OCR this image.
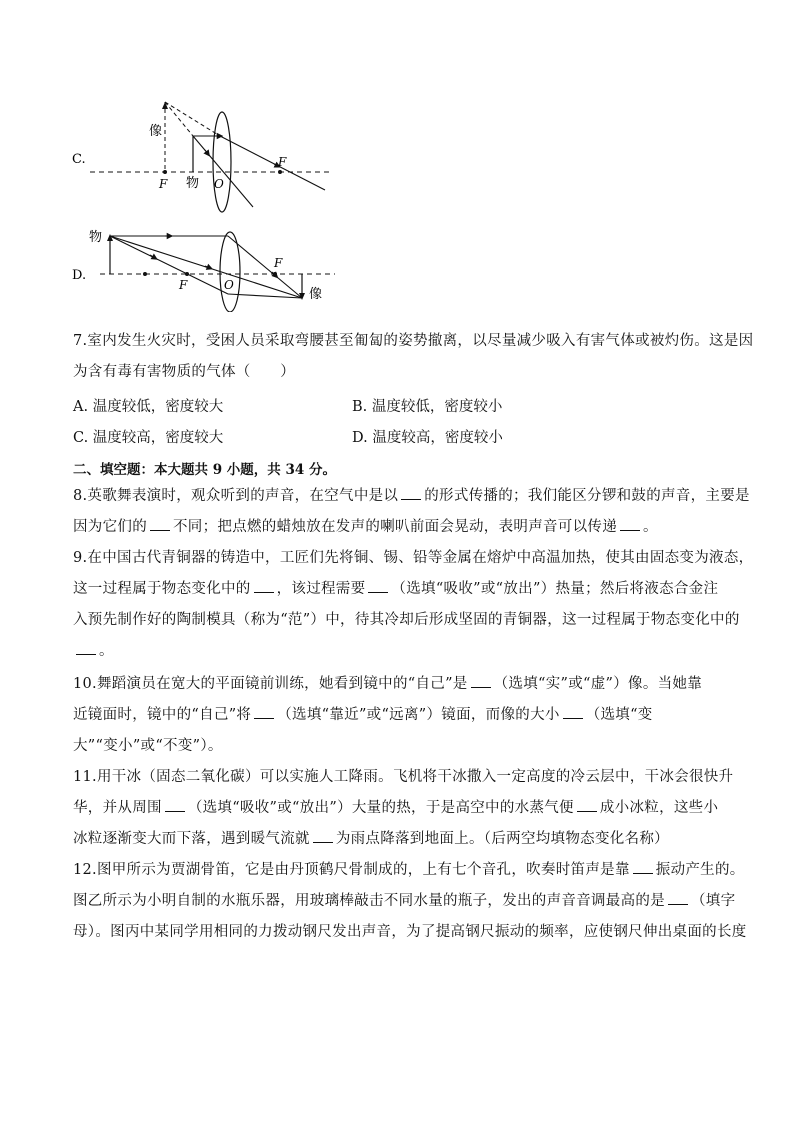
C.
像
F 物 O
F
D.
物
F	O
F
像
7.室内发生火灾时，受困人员采取弯腰甚至匍匐的姿势撤离，以尽量减少吸入有害气体或被灼伤。这是因
为含有毒有害物质的气体（　　）
A. 温度较低，密度较大	B. 温度较低，密度较小
C. 温度较高，密度较大	D. 温度较高，密度较小
二、填空题：本大题共 9 小题，共 34 分。
8.英歌舞表演时，观众听到的声音，在空气中是以 的形式传播的；我们能区分锣和鼓的声音，主要是
因为它们的 不同；把点燃的蜡烛放在发声的喇叭前面会晃动，表明声音可以传递 。
9.在中国古代青铜器的铸造中，工匠们先将铜、锡、铅等金属在熔炉中高温加热，使其由固态变为液态，
这一过程属于物态变化中的 ，该过程需要 （选填“吸收”或“放出”）热量；然后将液态合金注
入预先制作好的陶制模具（称为“范”）中，待其冷却后形成坚固的青铜器，这一过程属于物态变化中的
。
10.舞蹈演员在宽大的平面镜前训练，她看到镜中的“自己”是 （选填“实”或“虚”）像。当她靠
近镜面时，镜中的“自己”将 （选填“靠近”或“远离”）镜面，而像的大小 （选填“变
大”“变小”或“不变”）。
11.用干冰（固态二氧化碳）可以实施人工降雨。飞机将干冰撒入一定高度的冷云层中，干冰会很快升
华，并从周围 （选填“吸收”或“放出”）大量的热，于是高空中的水蒸气便 成小冰粒，这些小
冰粒逐渐变大而下落，遇到暖气流就 为雨点降落到地面上。（后两空均填物态变化名称）
12.图甲所示为贾湖骨笛，它是由丹顶鹤尺骨制成的，上有七个音孔，吹奏时笛声是靠 振动产生的。
图乙所示为小明自制的水瓶乐器，用玻璃棒敲击不同水量的瓶子，发出的声音音调最高的是 （填字
母）。图丙中某同学用相同的力拨动钢尺发出声音，为了提高钢尺振动的频率，应使钢尺伸出桌面的长度
